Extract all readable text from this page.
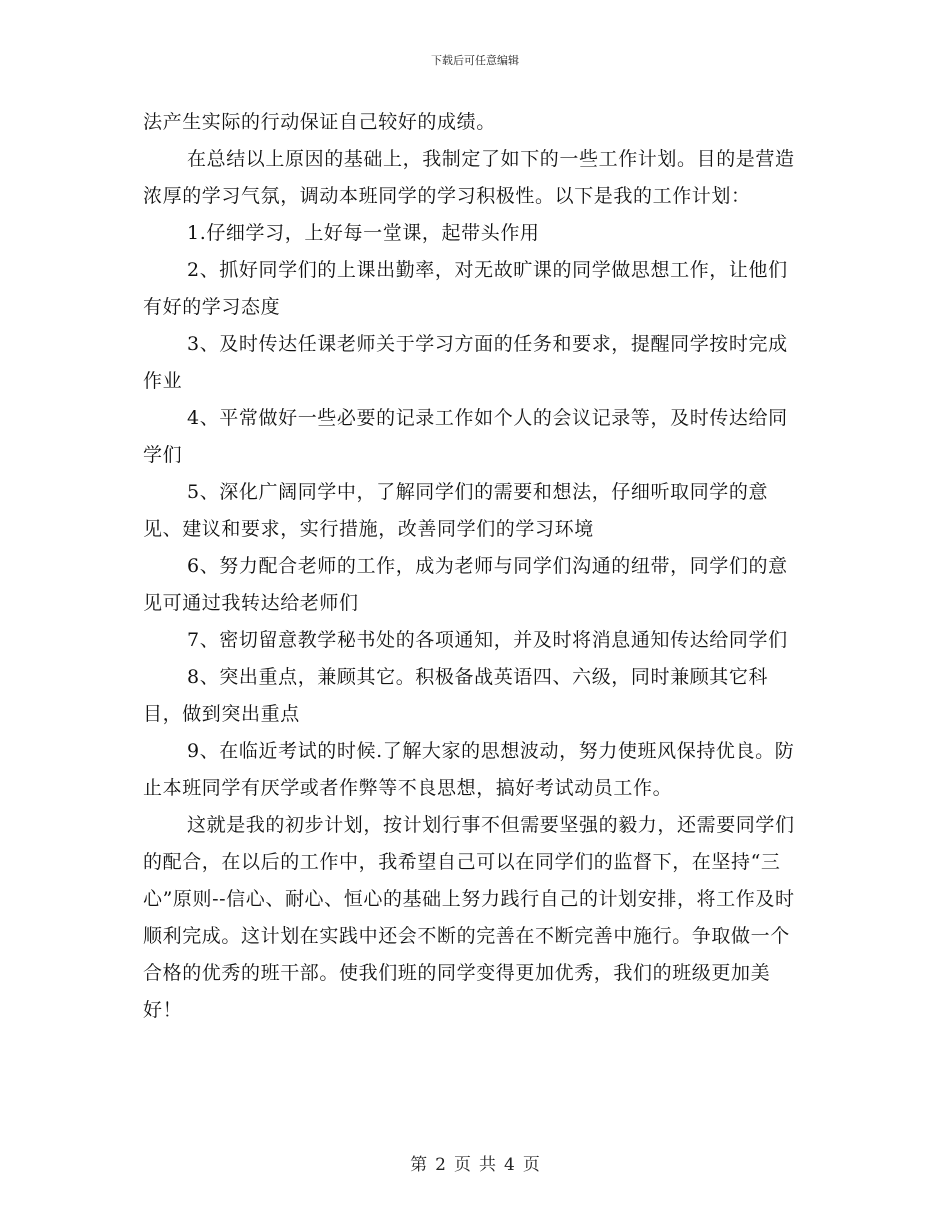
下载后可任意编辑

法产生实际的行动保证自己较好的成绩。

在总结以上原因的基础上，我制定了如下的一些工作计划。目的是营造浓厚的学习气氛，调动本班同学的学习积极性。以下是我的工作计划：

1.仔细学习，上好每一堂课，起带头作用

2、抓好同学们的上课出勤率，对无故旷课的同学做思想工作，让他们有好的学习态度

3、及时传达任课老师关于学习方面的任务和要求，提醒同学按时完成作业

4、平常做好一些必要的记录工作如个人的会议记录等，及时传达给同学们

5、深化广阔同学中，了解同学们的需要和想法，仔细听取同学的意见、建议和要求，实行措施，改善同学们的学习环境

6、努力配合老师的工作，成为老师与同学们沟通的纽带，同学们的意见可通过我转达给老师们

7、密切留意教学秘书处的各项通知，并及时将消息通知传达给同学们

8、突出重点，兼顾其它。积极备战英语四、六级，同时兼顾其它科目，做到突出重点

9、在临近考试的时候.了解大家的思想波动，努力使班风保持优良。防止本班同学有厌学或者作弊等不良思想，搞好考试动员工作。

这就是我的初步计划，按计划行事不但需要坚强的毅力，还需要同学们的配合，在以后的工作中，我希望自己可以在同学们的监督下，在坚持“三心”原则--信心、耐心、恒心的基础上努力践行自己的计划安排，将工作及时顺利完成。这计划在实践中还会不断的完善在不断完善中施行。争取做一个合格的优秀的班干部。使我们班的同学变得更加优秀，我们的班级更加美好！

第 2 页 共 4 页
